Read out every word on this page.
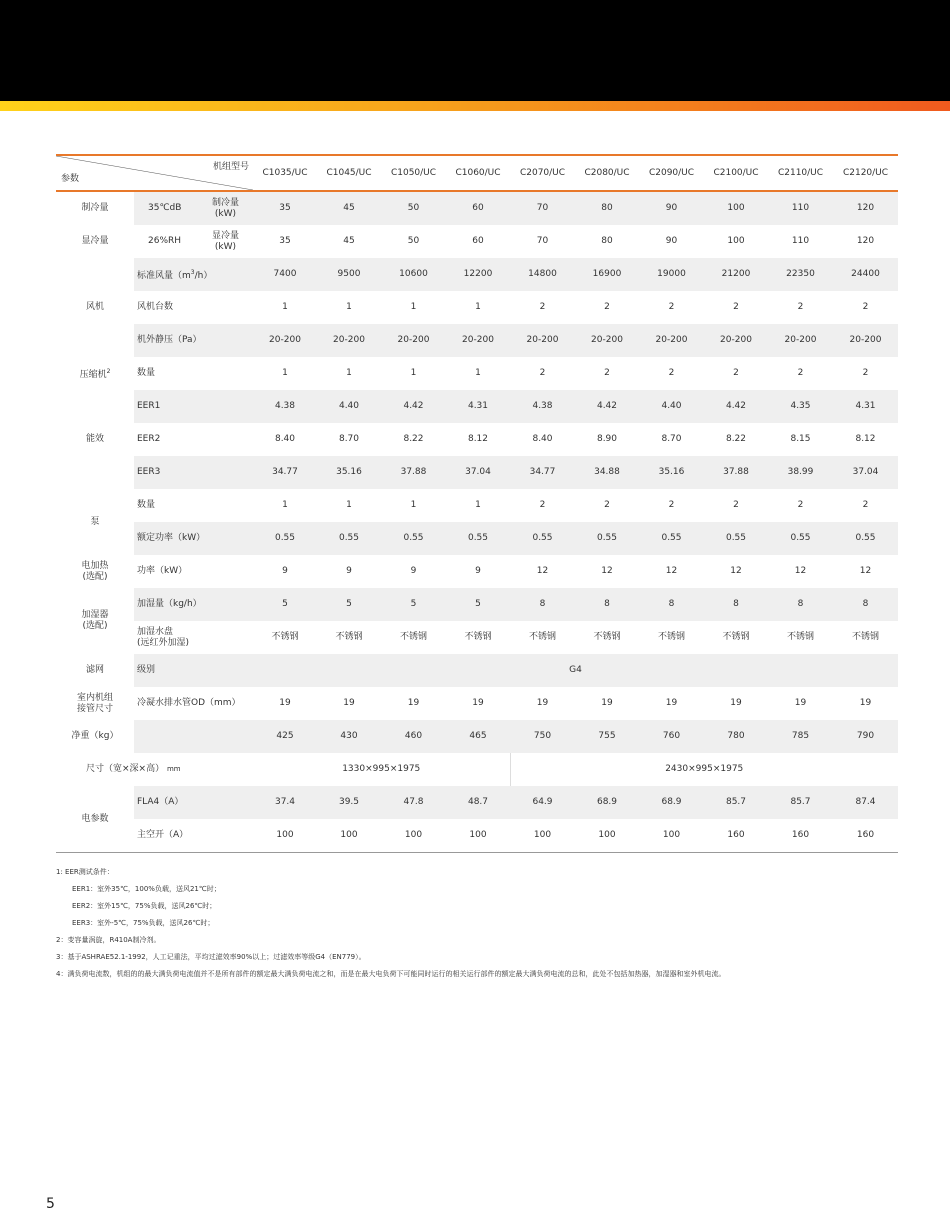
机组型号
参数		C1035/UC	C1045/UC	C1050/UC	C1060/UC	C2070/UC	C2080/UC	C2090/UC	C2100/UC	C2110/UC	C2120/UC
制冷量	35℃dB
制冷量
(kW)	35	45	50	60	70	80	90	100	110	120
显冷量	26%RH
显冷量
(kW)	35	45	50	60	70	80	90	100	110	120
风机	标准风量$(m^3/h)$	7400	9500	10600	12200	14800	16900	19000	21200	22350	24400
	风机台数	1	1	1	1	2	2	2	2	2	2
	机外静压（Pa）	20-200	20-200	20-200	20-200	20-200	20-200	20-200	20-200	20-200	20-200
压缩机$^2$	数量	1	1	1	1	2	2	2	2	2	2
能效	EER1	4.38	4.40	4.42	4.31	4.38	4.42	4.40	4.42	4.35	4.31
	EER2	8.40	8.70	8.22	8.12	8.40	8.90	8.70	8.22	8.15	8.12
	EER3	34.77	35.16	37.88	37.04	34.77	34.88	35.16	37.88	38.99	37.04
泵	数量	1	1	1	1	2	2	2	2	2	2
	额定功率（kW）	0.55	0.55	0.55	0.55	0.55	0.55	0.55	0.55	0.55	0.55
电加热
(选配)	功率（kW）	9	9	9	9	12	12	12	12	12	12
加湿器
(选配)	加湿量（kg/h）	5	5	5	5	8	8	8	8	8	8
	加湿水盘
(远红外加湿)	不锈钢	不锈钢	不锈钢	不锈钢	不锈钢	不锈钢	不锈钢	不锈钢	不锈钢	不锈钢
滤网	级别	G4									
室内机组
接管尺寸	冷凝水排水管OD（mm）	19	19	19	19	19	19	19	19	19	19
净重（kg）		425	430	460	465	750	755	760	780	785	790
尺寸（宽×深×高） mm		1330×995×1975				2430×995×1975					
电参数	FLA4（A）	37.4	39.5	47.8	48.7	64.9	68.9	68.9	85.7	85.7	87.4
	主空开（A）	100	100	100	100	100	100	100	160	160	160
1: EER测试条件：
EER1：室外35℃，100%负载，送风21℃时；
EER2：室外15℃，75%负载，送风26℃时；
EER3：室外-5℃，75%负载，送风26℃时；
2：变容量涡旋，R410A制冷剂。
3：基于ASHRAE52.1-1992，人工记重法，平均过滤效率90%以上；过滤效率等级G4（EN779）。
4：满负荷电流数，机组的的最大满负荷电流值并不是所有部件的额定最大满负荷电流之和，而是在最大电负荷下可能同时运行的相关运行部件的额定最大满负荷电流的总和，此处不包括加热器，加湿器和室外机电流。
5
